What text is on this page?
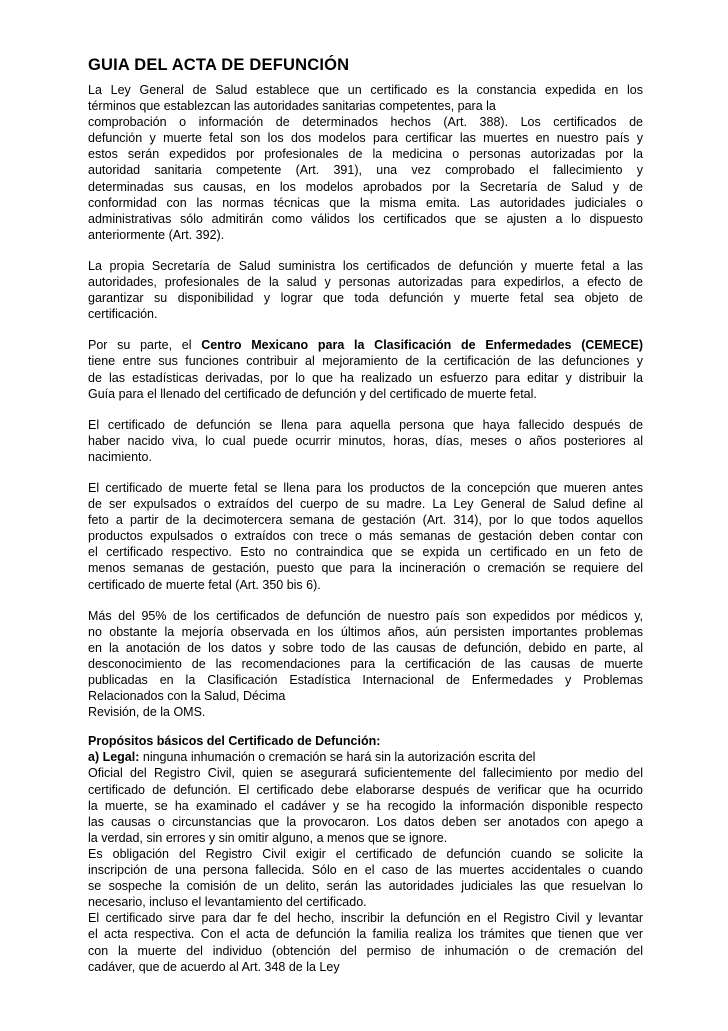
GUIA DEL ACTA DE DEFUNCIÓN

La Ley General de Salud establece que un certificado es la constancia expedida en los
términos que establezcan las autoridades sanitarias competentes, para la
comprobación o información de determinados hechos (Art. 388). Los certificados de
defunción y muerte fetal son los dos modelos para certificar las muertes en nuestro país y
estos serán expedidos por profesionales de la medicina o personas autorizadas por la
autoridad sanitaria competente (Art. 391), una vez comprobado el fallecimiento y
determinadas sus causas, en los modelos aprobados por la Secretaría de Salud y de
conformidad con las normas técnicas que la misma emita. Las autoridades judiciales o
administrativas sólo admitirán como válidos los certificados que se ajusten a lo dispuesto
anteriormente (Art. 392).

La propia Secretaría de Salud suministra los certificados de defunción y muerte fetal a las
autoridades, profesionales de la salud y personas autorizadas para expedirlos, a efecto de
garantizar su disponibilidad y lograr que toda defunción y muerte fetal sea objeto de
certificación.

Por su parte, el Centro Mexicano para la Clasificación de Enfermedades (CEMECE)
tiene entre sus funciones contribuir al mejoramiento de la certificación de las defunciones y
de las estadísticas derivadas, por lo que ha realizado un esfuerzo para editar y distribuir la
Guía para el llenado del certificado de defunción y del certificado de muerte fetal.

El certificado de defunción se llena para aquella persona que haya fallecido después de
haber nacido viva, lo cual puede ocurrir minutos, horas, días, meses o años posteriores al
nacimiento.

El certificado de muerte fetal se llena para los productos de la concepción que mueren antes
de ser expulsados o extraídos del cuerpo de su madre. La Ley General de Salud define al
feto a partir de la decimotercera semana de gestación (Art. 314), por lo que todos aquellos
productos expulsados o extraídos con trece o más semanas de gestación deben contar con
el certificado respectivo. Esto no contraindica que se expida un certificado en un feto de
menos semanas de gestación, puesto que para la incineración o cremación se requiere del
certificado de muerte fetal (Art. 350 bis 6).

Más del 95% de los certificados de defunción de nuestro país son expedidos por médicos y,
no obstante la mejoría observada en los últimos años, aún persisten importantes problemas
en la anotación de los datos y sobre todo de las causas de defunción, debido en parte, al
desconocimiento de las recomendaciones para la certificación de las causas de muerte
publicadas en la Clasificación Estadística Internacional de Enfermedades y Problemas
Relacionados con la Salud, Décima
Revisión, de la OMS.

Propósitos básicos del Certificado de Defunción:

a) Legal: ninguna inhumación o cremación se hará sin la autorización escrita del
Oficial del Registro Civil, quien se asegurará suficientemente del fallecimiento por medio del
certificado de defunción. El certificado debe elaborarse después de verificar que ha ocurrido
la muerte, se ha examinado el cadáver y se ha recogido la información disponible respecto
las causas o circunstancias que la provocaron. Los datos deben ser anotados con apego a
la verdad, sin errores y sin omitir alguno, a menos que se ignore.
Es obligación del Registro Civil exigir el certificado de defunción cuando se solicite la
inscripción de una persona fallecida. Sólo en el caso de las muertes accidentales o cuando
se sospeche la comisión de un delito, serán las autoridades judiciales las que resuelvan lo
necesario, incluso el levantamiento del certificado.
El certificado sirve para dar fe del hecho, inscribir la defunción en el Registro Civil y levantar
el acta respectiva. Con el acta de defunción la familia realiza los trámites que tienen que ver
con la muerte del individuo (obtención del permiso de inhumación o de cremación del
cadáver, que de acuerdo al Art. 348 de la Ley
